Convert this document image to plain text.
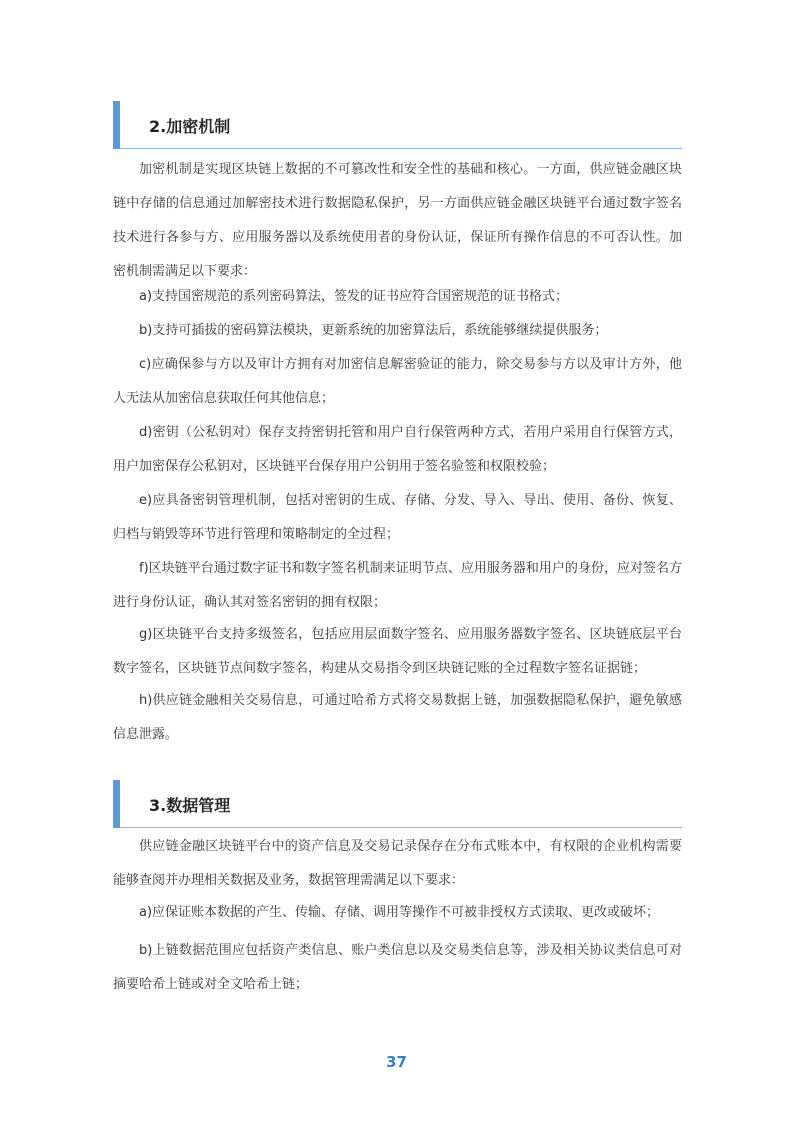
2.加密机制

加密机制是实现区块链上数据的不可篡改性和安全性的基础和核心。一方面，供应链金融区块链中存储的信息通过加解密技术进行数据隐私保护，另一方面供应链金融区块链平台通过数字签名技术进行各参与方、应用服务器以及系统使用者的身份认证，保证所有操作信息的不可否认性。加密机制需满足以下要求：

a)支持国密规范的系列密码算法，签发的证书应符合国密规范的证书格式；

b)支持可插拔的密码算法模块，更新系统的加密算法后，系统能够继续提供服务；

c)应确保参与方以及审计方拥有对加密信息解密验证的能力，除交易参与方以及审计方外，他人无法从加密信息获取任何其他信息；

d)密钥（公私钥对）保存支持密钥托管和用户自行保管两种方式，若用户采用自行保管方式，用户加密保存公私钥对，区块链平台保存用户公钥用于签名验签和权限校验；

e)应具备密钥管理机制，包括对密钥的生成、存储、分发、导入、导出、使用、备份、恢复、归档与销毁等环节进行管理和策略制定的全过程；

f)区块链平台通过数字证书和数字签名机制来证明节点、应用服务器和用户的身份，应对签名方进行身份认证，确认其对签名密钥的拥有权限；

g)区块链平台支持多级签名，包括应用层面数字签名、应用服务器数字签名、区块链底层平台数字签名，区块链节点间数字签名，构建从交易指令到区块链记账的全过程数字签名证据链；

h)供应链金融相关交易信息，可通过哈希方式将交易数据上链，加强数据隐私保护，避免敏感信息泄露。

3.数据管理

供应链金融区块链平台中的资产信息及交易记录保存在分布式账本中，有权限的企业机构需要能够查阅并办理相关数据及业务，数据管理需满足以下要求：

a)应保证账本数据的产生、传输、存储、调用等操作不可被非授权方式读取、更改或破坏；

b)上链数据范围应包括资产类信息、账户类信息以及交易类信息等，涉及相关协议类信息可对摘要哈希上链或对全文哈希上链；

37
